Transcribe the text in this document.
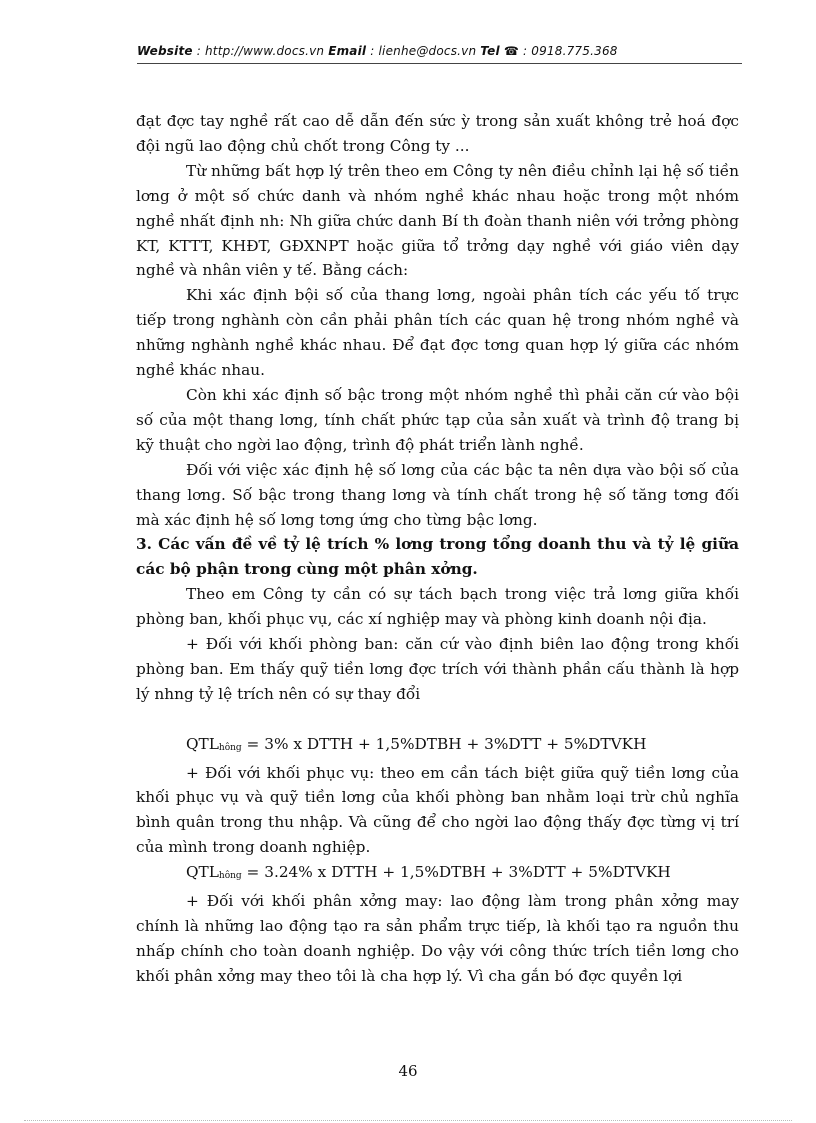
Website : http://www.docs.vn Email : lienhe@docs.vn Tel ☎ : 0918.775.368

đạt đợc tay nghề rất cao dễ dẫn đến sức ỳ trong sản xuất không trẻ hoá đợc đội ngũ lao động chủ chốt trong Công ty ...

Từ những bất hợp lý trên theo em Công ty nên điều chỉnh lại hệ số tiền lơng ở một số chức danh và nhóm nghề khác nhau hoặc trong một nhóm nghề nhất định nh: Nh giữa chức danh Bí th đoàn thanh niên với trởng phòng KT, KTTT, KHĐT, GĐXNPT hoặc giữa tổ trởng dạy nghề với giáo viên dạy nghề và nhân viên y tế. Bằng cách:

Khi xác định bội số của thang lơng, ngoài phân tích các yếu tố trực tiếp trong nghành còn cần phải phân tích các quan hệ trong nhóm nghề và những nghành nghề khác nhau. Để đạt đợc tơng quan hợp lý giữa các nhóm nghề khác nhau.

Còn khi xác định số bậc trong một nhóm nghề thì phải căn cứ vào bội số của một thang lơng, tính chất phức tạp của sản xuất và trình độ trang bị kỹ thuật cho ngời lao động, trình độ phát triển lành nghề.

Đối với việc xác định hệ số lơng của các bậc ta nên dựa vào bội số của thang lơng. Số bậc trong thang lơng và tính chất trong hệ số tăng tơng đối mà xác định hệ số lơng tơng ứng cho từng bậc lơng.

3. Các vấn đề về tỷ lệ trích % lơng trong tổng doanh thu và tỷ lệ giữa các bộ phận trong cùng một phân xởng.

Theo em Công ty cần có sự tách bạch trong việc trả lơng giữa khối phòng ban, khối phục vụ, các xí nghiệp may và phòng kinh doanh nội địa.

+ Đối với khối phòng ban: căn cứ vào định biên lao động trong khối phòng ban. Em thấy quỹ tiền lơng đợc trích với thành phần cấu thành là hợp lý nhng tỷ lệ trích nên có sự thay đổi

$QTL_{hông} = 3\%$ x DTTH + 1,5%DTBH + 3%DTT + 5%DTVKH

+ Đối với khối phục vụ: theo em cần tách biệt giữa quỹ tiền lơng của khối phục vụ và quỹ tiền lơng của khối phòng ban nhằm loại trừ chủ nghĩa bình quân trong thu nhập. Và cũng để cho ngời lao động thấy đợc từng vị trí của mình trong doanh nghiệp.

$QTL_{hông} = 3.24\%$ x DTTH + 1,5%DTBH + 3%DTT + 5%DTVKH

+ Đối với khối phân xởng may: lao động làm trong phân xởng may chính là những lao động tạo ra sản phẩm trực tiếp, là khối tạo ra nguồn thu nhấp chính cho toàn doanh nghiệp. Do vậy với công thức trích tiền lơng cho khối phân xởng may theo tôi là cha hợp lý. Vì cha gắn bó đợc quyền lợi

46
